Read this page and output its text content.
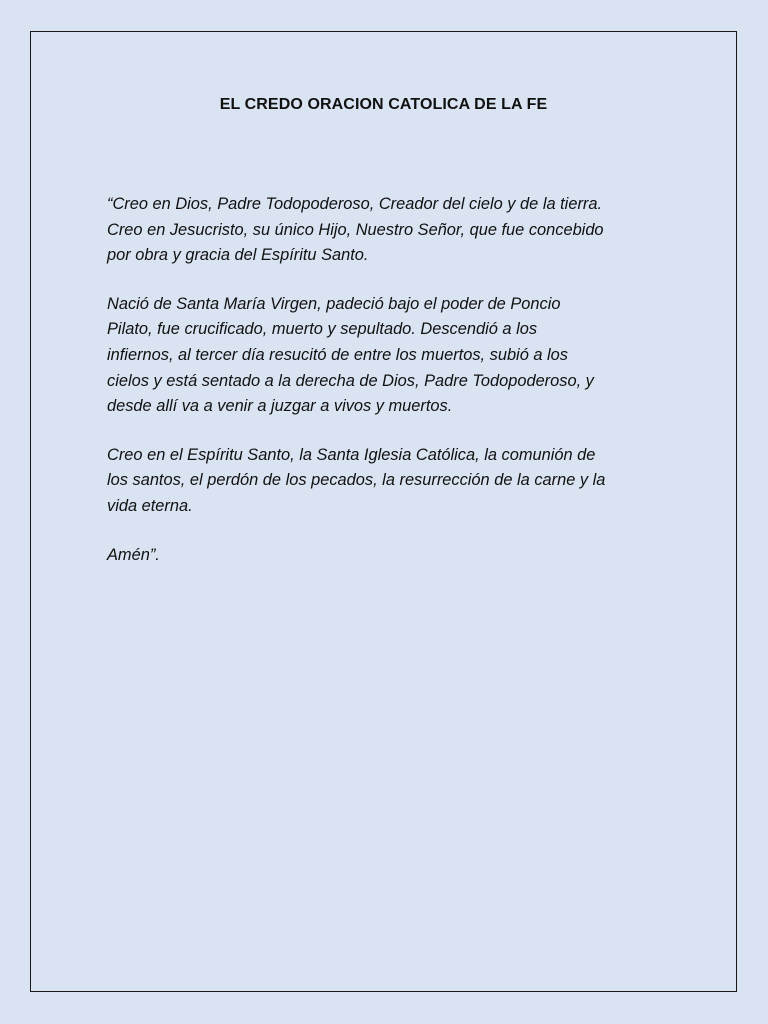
EL CREDO ORACION CATOLICA DE LA FE

“Creo en Dios, Padre Todopoderoso, Creador del cielo y de la tierra.
Creo en Jesucristo, su único Hijo, Nuestro Señor, que fue concebido
por obra y gracia del Espíritu Santo.

Nació de Santa María Virgen, padeció bajo el poder de Poncio
Pilato, fue crucificado, muerto y sepultado. Descendió a los
infiernos, al tercer día resucitó de entre los muertos, subió a los
cielos y está sentado a la derecha de Dios, Padre Todopoderoso, y
desde allí va a venir a juzgar a vivos y muertos.

Creo en el Espíritu Santo, la Santa Iglesia Católica, la comunión de
los santos, el perdón de los pecados, la resurrección de la carne y la
vida eterna.

Amén”.
